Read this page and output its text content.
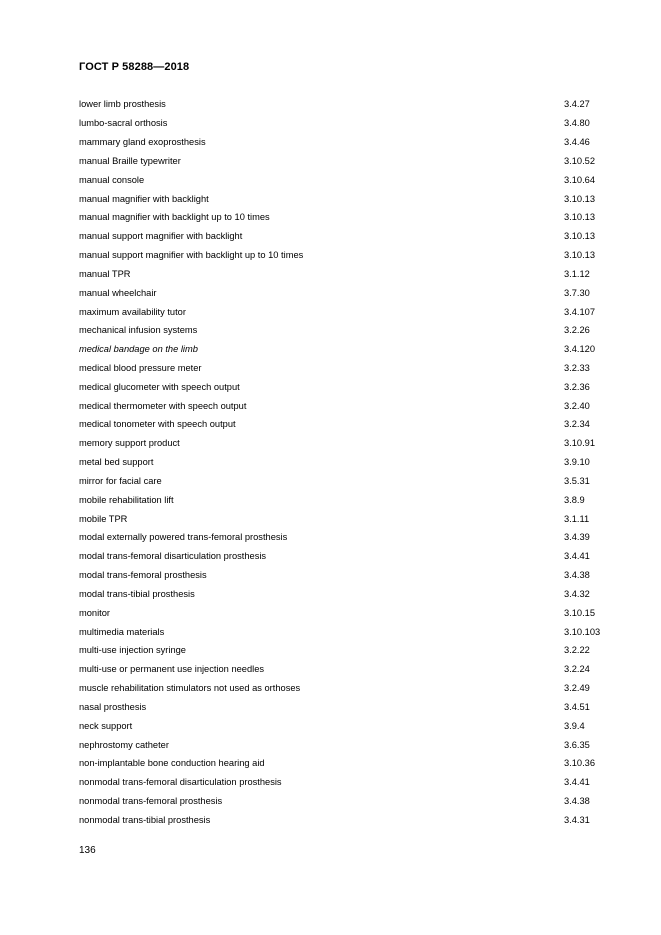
ГОСТ Р 58288—2018
lower limb prosthesis	3.4.27
lumbo-sacral orthosis	3.4.80
mammary gland exoprosthesis	3.4.46
manual Braille typewriter	3.10.52
manual console	3.10.64
manual magnifier with backlight	3.10.13
manual magnifier with backlight up to 10 times	3.10.13
manual support magnifier with backlight	3.10.13
manual support magnifier with backlight up to 10 times	3.10.13
manual TPR	3.1.12
manual wheelchair	3.7.30
maximum availability tutor	3.4.107
mechanical infusion systems	3.2.26
medical bandage on the limb	3.4.120
medical blood pressure meter	3.2.33
medical glucometer with speech output	3.2.36
medical thermometer with speech output	3.2.40
medical tonometer with speech output	3.2.34
memory support product	3.10.91
metal bed support	3.9.10
mirror for facial care	3.5.31
mobile rehabilitation lift	3.8.9
mobile TPR	3.1.11
modal externally powered trans-femoral prosthesis	3.4.39
modal trans-femoral disarticulation prosthesis	3.4.41
modal trans-femoral prosthesis	3.4.38
modal trans-tibial prosthesis	3.4.32
monitor	3.10.15
multimedia materials	3.10.103
multi-use injection syringe	3.2.22
multi-use or permanent use injection needles	3.2.24
muscle rehabilitation stimulators not used as orthoses	3.2.49
nasal prosthesis	3.4.51
neck support	3.9.4
nephrostomy catheter	3.6.35
non-implantable bone conduction hearing aid	3.10.36
nonmodal trans-femoral disarticulation prosthesis	3.4.41
nonmodal trans-femoral prosthesis	3.4.38
nonmodal trans-tibial prosthesis	3.4.31
136
